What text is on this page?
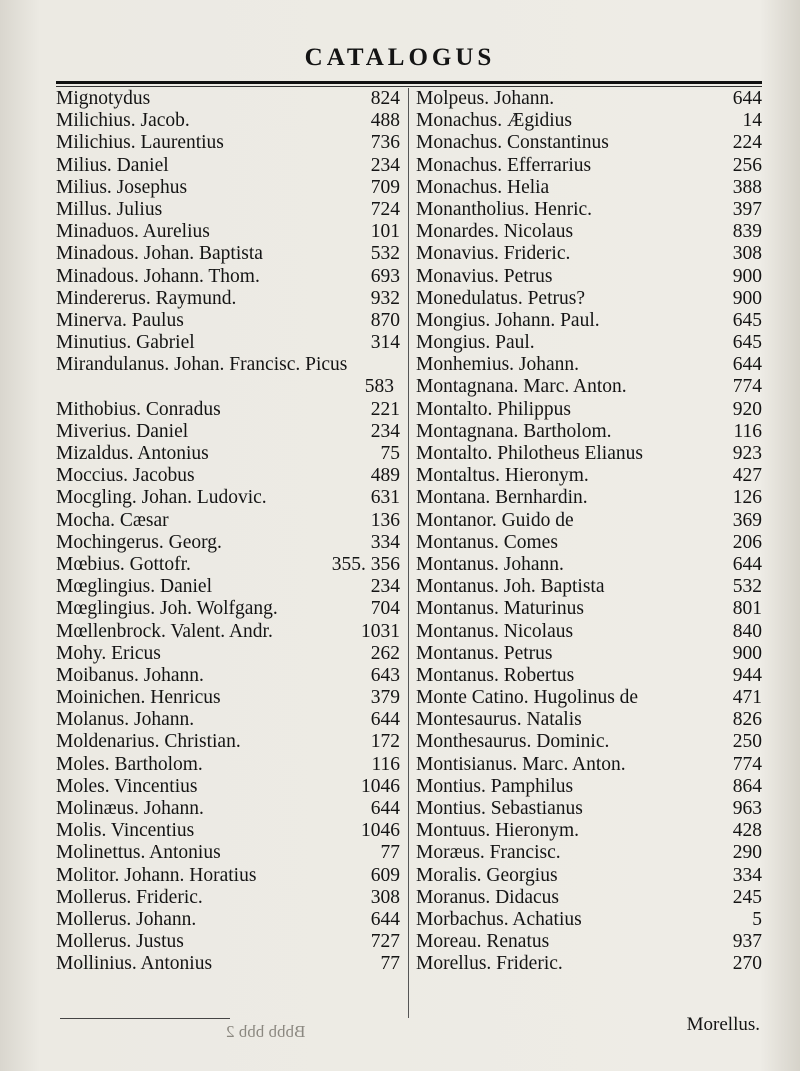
CATALOGUS
Mignotydus	824
Milichius. Jacob.	488
Milichius. Laurentius	736
Milius. Daniel	234
Milius. Josephus	709
Millus. Julius	724
Minaduos. Aurelius	101
Minadous. Johan. Baptista	532
Minadous. Johann. Thom.	693
Mindererus. Raymund.	932
Minerva. Paulus	870
Minutius. Gabriel	314
Mirandulanus. Johan. Francisc. Picus
583
Mithobius. Conradus	221
Miverius. Daniel	234
Mizaldus. Antonius	75
Moccius. Jacobus	489
Mocgling. Johan. Ludovic.	631
Mocha. Cæsar	136
Mochingerus. Georg.	334
Mœbius. Gottofr.	355. 356
Mœglingius. Daniel	234
Mœglingius. Joh. Wolfgang.	704
Mœllenbrock. Valent. Andr.	1031
Mohy. Ericus	262
Moibanus. Johann.	643
Moinichen. Henricus	379
Molanus. Johann.	644
Moldenarius. Christian.	172
Moles. Bartholom.	116
Moles. Vincentius	1046
Molinæus. Johann.	644
Molis. Vincentius	1046
Molinettus. Antonius	77
Molitor. Johann. Horatius	609
Mollerus. Frideric.	308
Mollerus. Johann.	644
Mollerus. Justus	727
Mollinius. Antonius	77
Molpeus. Johann.	644
Monachus. Ægidius	14
Monachus. Constantinus	224
Monachus. Efferrarius	256
Monachus. Helia	388
Monantholius. Henric.	397
Monardes. Nicolaus	839
Monavius. Frideric.	308
Monavius. Petrus	900
Monedulatus. Petrus?	900
Mongius. Johann. Paul.	645
Mongius. Paul.	645
Monhemius. Johann.	644
Montagnana. Marc. Anton.	774
Montalto. Philippus	920
Montagnana. Bartholom.	116
Montalto. Philotheus Elianus	923
Montaltus. Hieronym.	427
Montana. Bernhardin.	126
Montanor. Guido de	369
Montanus. Comes	206
Montanus. Johann.	644
Montanus. Joh. Baptista	532
Montanus. Maturinus	801
Montanus. Nicolaus	840
Montanus. Petrus	900
Montanus. Robertus	944
Monte Catino. Hugolinus de	471
Montesaurus. Natalis	826
Monthesaurus. Dominic.	250
Montisianus. Marc. Anton.	774
Montius. Pamphilus	864
Montius. Sebastianus	963
Montuus. Hieronym.	428
Moræus. Francisc.	290
Moralis. Georgius	334
Moranus. Didacus	245
Morbachus. Achatius	5
Moreau. Renatus	937
Morellus. Frideric.	270
Bbbb bbb 2	Morellus.
